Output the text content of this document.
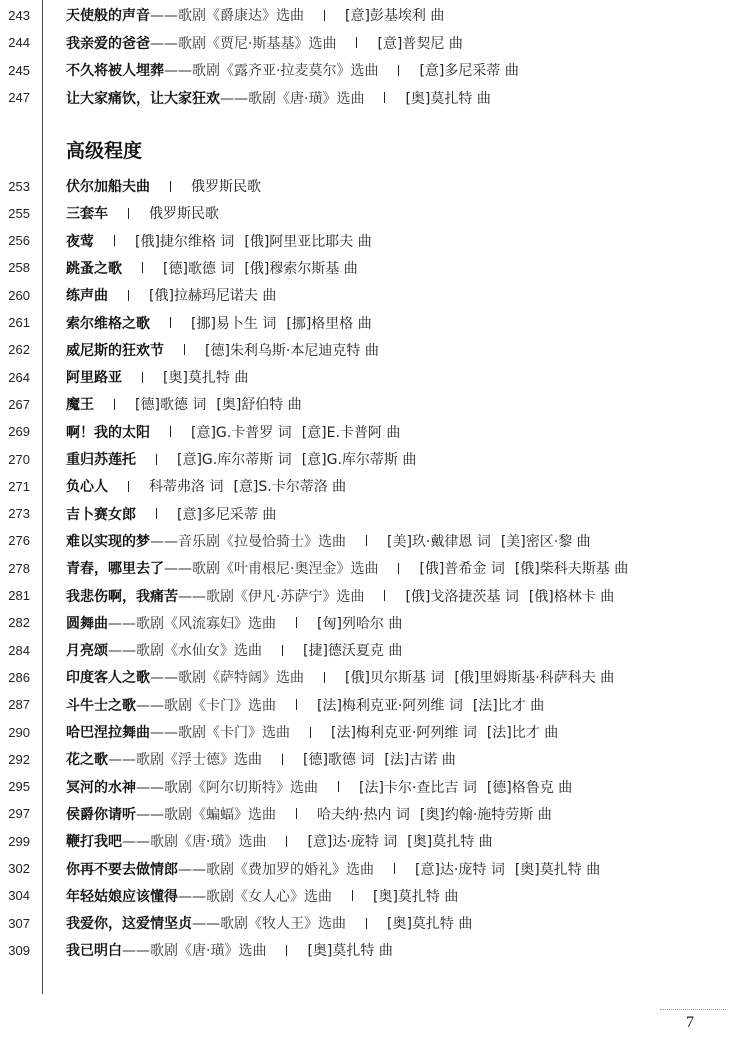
243	天使般的声音 ——歌剧《爵康达》选曲	[意]彭基埃利 曲
244	我亲爱的爸爸 ——歌剧《贾尼·斯基基》选曲	[意]普契尼 曲
245	不久将被人埋葬 ——歌剧《露齐亚·拉麦莫尔》选曲	[意]多尼采蒂 曲
247	让大家痛饮，让大家狂欢 ——歌剧《唐·璜》选曲	[奥]莫扎特 曲
高级程度
253	伏尔加船夫曲	俄罗斯民歌
255	三套车	俄罗斯民歌
256	夜莺	[俄]捷尔维格 词 [俄]阿里亚比耶夫 曲
258	跳蚤之歌	[德]歌德 词 [俄]穆索尔斯基 曲
260	练声曲	[俄]拉赫玛尼诺夫 曲
261	索尔维格之歌	[挪]易卜生 词 [挪]格里格 曲
262	威尼斯的狂欢节	[德]朱利乌斯·本尼迪克特 曲
264	阿里路亚	[奥]莫扎特 曲
267	魔王	[德]歌德 词 [奥]舒伯特 曲
269	啊！我的太阳	[意]G.卡普罗 词 [意]E.卡普阿 曲
270	重归苏莲托	[意]G.库尔蒂斯 词 [意]G.库尔蒂斯 曲
271	负心人	科蒂弗洛 词 [意]S.卡尔蒂洛 曲
273	吉卜赛女郎	[意]多尼采蒂 曲
276	难以实现的梦 ——音乐剧《拉曼恰骑士》选曲	[美]玖·戴律恩 词 [美]密区·黎 曲
278	青春，哪里去了 ——歌剧《叶甫根尼·奥涅金》选曲	[俄]普希金 词 [俄]柴科夫斯基 曲
281	我悲伤啊，我痛苦 ——歌剧《伊凡·苏萨宁》选曲	[俄]戈洛捷茨基 词 [俄]格林卡 曲
282	圆舞曲 ——歌剧《风流寡妇》选曲	[匈]列哈尔 曲
284	月亮颂 ——歌剧《水仙女》选曲	[捷]德沃夏克 曲
286	印度客人之歌 ——歌剧《萨特阔》选曲	[俄]贝尔斯基 词 [俄]里姆斯基·科萨科夫 曲
287	斗牛士之歌 ——歌剧《卡门》选曲	[法]梅利克亚·阿列维 词 [法]比才 曲
290	哈巴涅拉舞曲 ——歌剧《卡门》选曲	[法]梅利克亚·阿列维 词 [法]比才 曲
292	花之歌 ——歌剧《浮士德》选曲	[德]歌德 词 [法]古诺 曲
295	冥河的水神 ——歌剧《阿尔切斯特》选曲	[法]卡尔·查比吉 词 [德]格鲁克 曲
297	侯爵你请听 ——歌剧《蝙蝠》选曲	哈夫纳·热内 词 [奥]约翰·施特劳斯 曲
299	鞭打我吧 ——歌剧《唐·璜》选曲	[意]达·庞特 词 [奥]莫扎特 曲
302	你再不要去做情郎 ——歌剧《费加罗的婚礼》选曲	[意]达·庞特 词 [奥]莫扎特 曲
304	年轻姑娘应该懂得 ——歌剧《女人心》选曲	[奥]莫扎特 曲
307	我爱你，这爱情坚贞 ——歌剧《牧人王》选曲	[奥]莫扎特 曲
309	我已明白 ——歌剧《唐·璜》选曲	[奥]莫扎特 曲
7
